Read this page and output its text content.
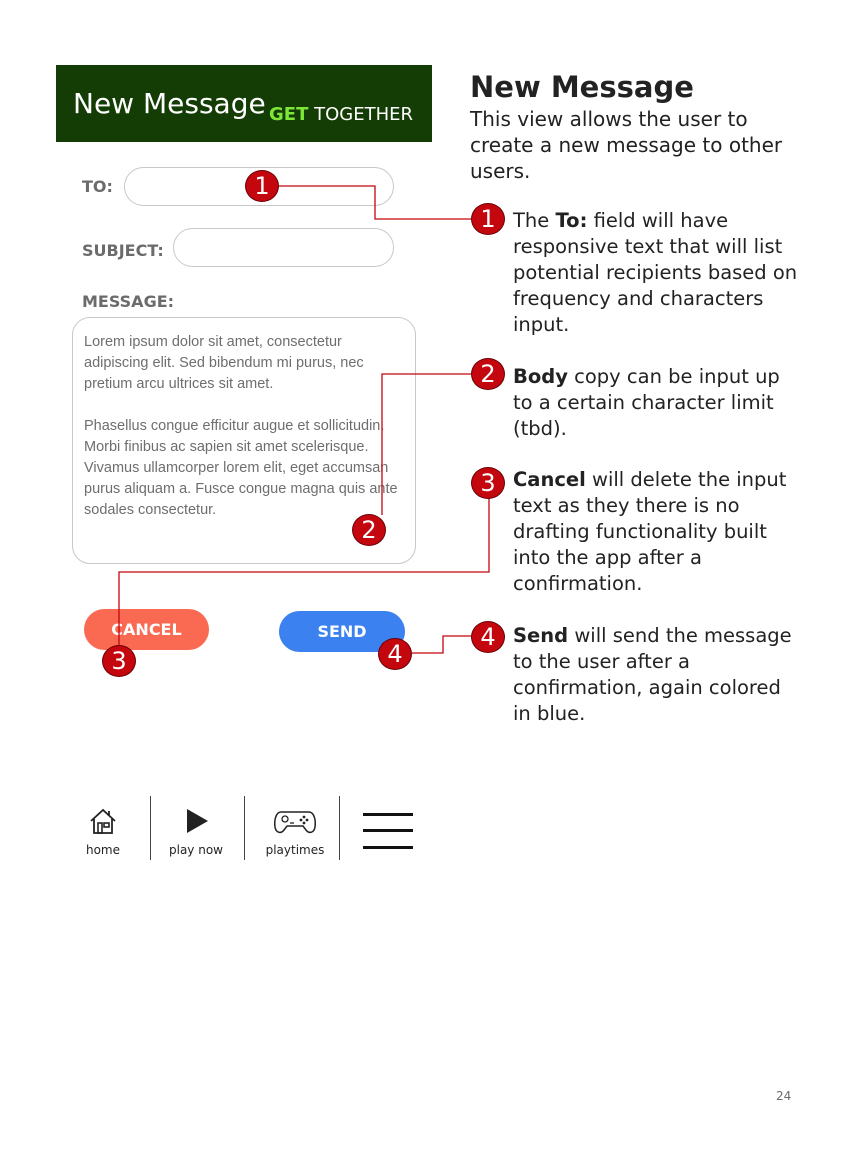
New Message GET TOGETHER
TO:
SUBJECT:
MESSAGE:

Lorem ipsum dolor sit amet, consectetur adipiscing elit. Sed bibendum mi purus, nec pretium arcu ultrices sit amet.

Phasellus congue efficitur augue et sollicitudin. Morbi finibus ac sapien sit amet scelerisque. Vivamus ullamcorper lorem elit, eget accumsan purus aliquam a. Fusce congue magna quis ante sodales consectetur.

CANCEL	SEND
home	play now	playtimes
New Message
This view allows the user to create a new message to other users.
The To: field will have responsive text that will list potential recipients based on frequency and characters input.
Body copy can be input up to a certain character limit (tbd).
Cancel will delete the input text as they there is no drafting functionality built into the app after a confirmation.
Send will send the message to the user after a confirmation, again colored in blue.
1
2
3	4
1
2
3
4
24
